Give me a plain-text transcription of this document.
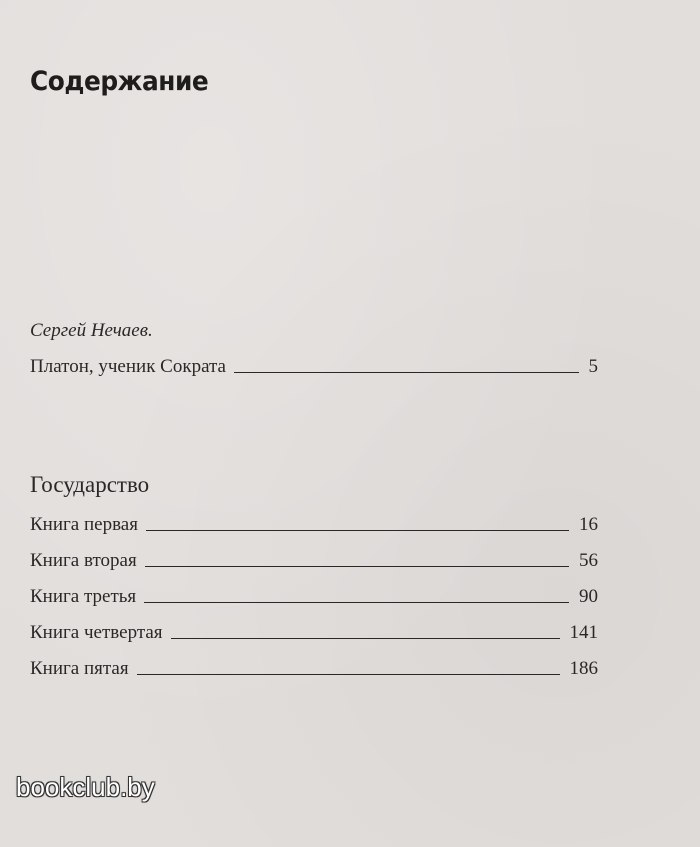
Содержание
Сергей Нечаев.
Платон, ученик Сократа	5
Государство
Книга первая	16
Книга вторая	56
Книга третья	90
Книга четвертая	141
Книга пятая	186
bookclub.by
